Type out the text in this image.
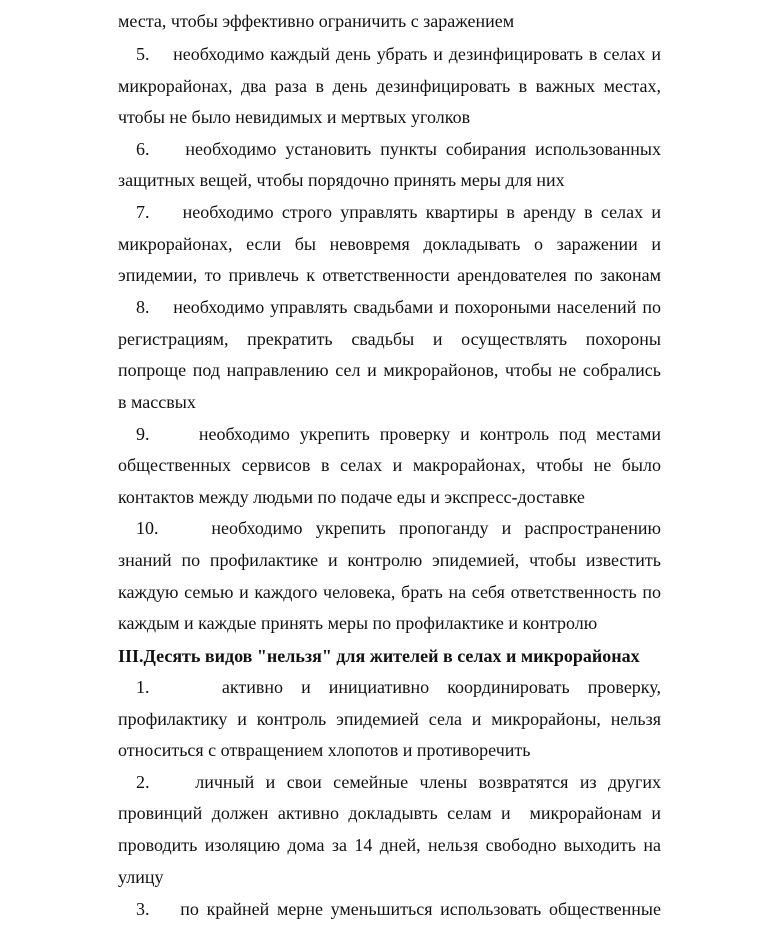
места, чтобы эффективно ограничить с заражением
5.    необходимо каждый день убрать и дезинфицировать в селах и
микрорайонах, два раза в день дезинфицировать в важных местах,
чтобы не было невидимых и мертвых уголков
6.    необходимо установить пункты собирания использованных
защитных вещей, чтобы порядочно принять меры для них
7.    необходимо строго управлять квартиры в аренду в селах и
микрорайонах, если бы невовремя докладывать о заражении и
эпидемии, то привлечь к ответственности арендователея по законам
8.    необходимо управлять свадьбами и похороными населений по
регистрациям, прекратить свадьбы и осуществлять похороны
попроще под направлению сел и микрорайонов, чтобы не собрались
в массвых
9.     необходимо укрепить проверку и контроль под местами
общественных сервисов в селах и макрорайонах, чтобы не было
контактов между людьми по подаче еды и экспресс-доставке
10.    необходимо укрепить пропоганду и распространению
знаний по профилактике и контролю эпидемией, чтобы известить
каждую семью и каждого человека, брать на себя ответственность по
каждым и каждые принять меры по профилактике и контролю
III.Десять видов "нельзя" для жителей в селах и микрорайонах
1.    активно и инициативно координировать проверку,
профилактику и контроль эпидемией села и микрорайоны, нельзя
относиться с отвращением хлопотов и противоречить
2.    личный и свои семейные члены возвратятся из других
провинций должен активно докладывть селам и  микрорайонам и
проводить изоляцию дома за 14 дней, нельзя свободно выходить на
улицу
3.    по крайней мерне уменьшиться использовать общественные
